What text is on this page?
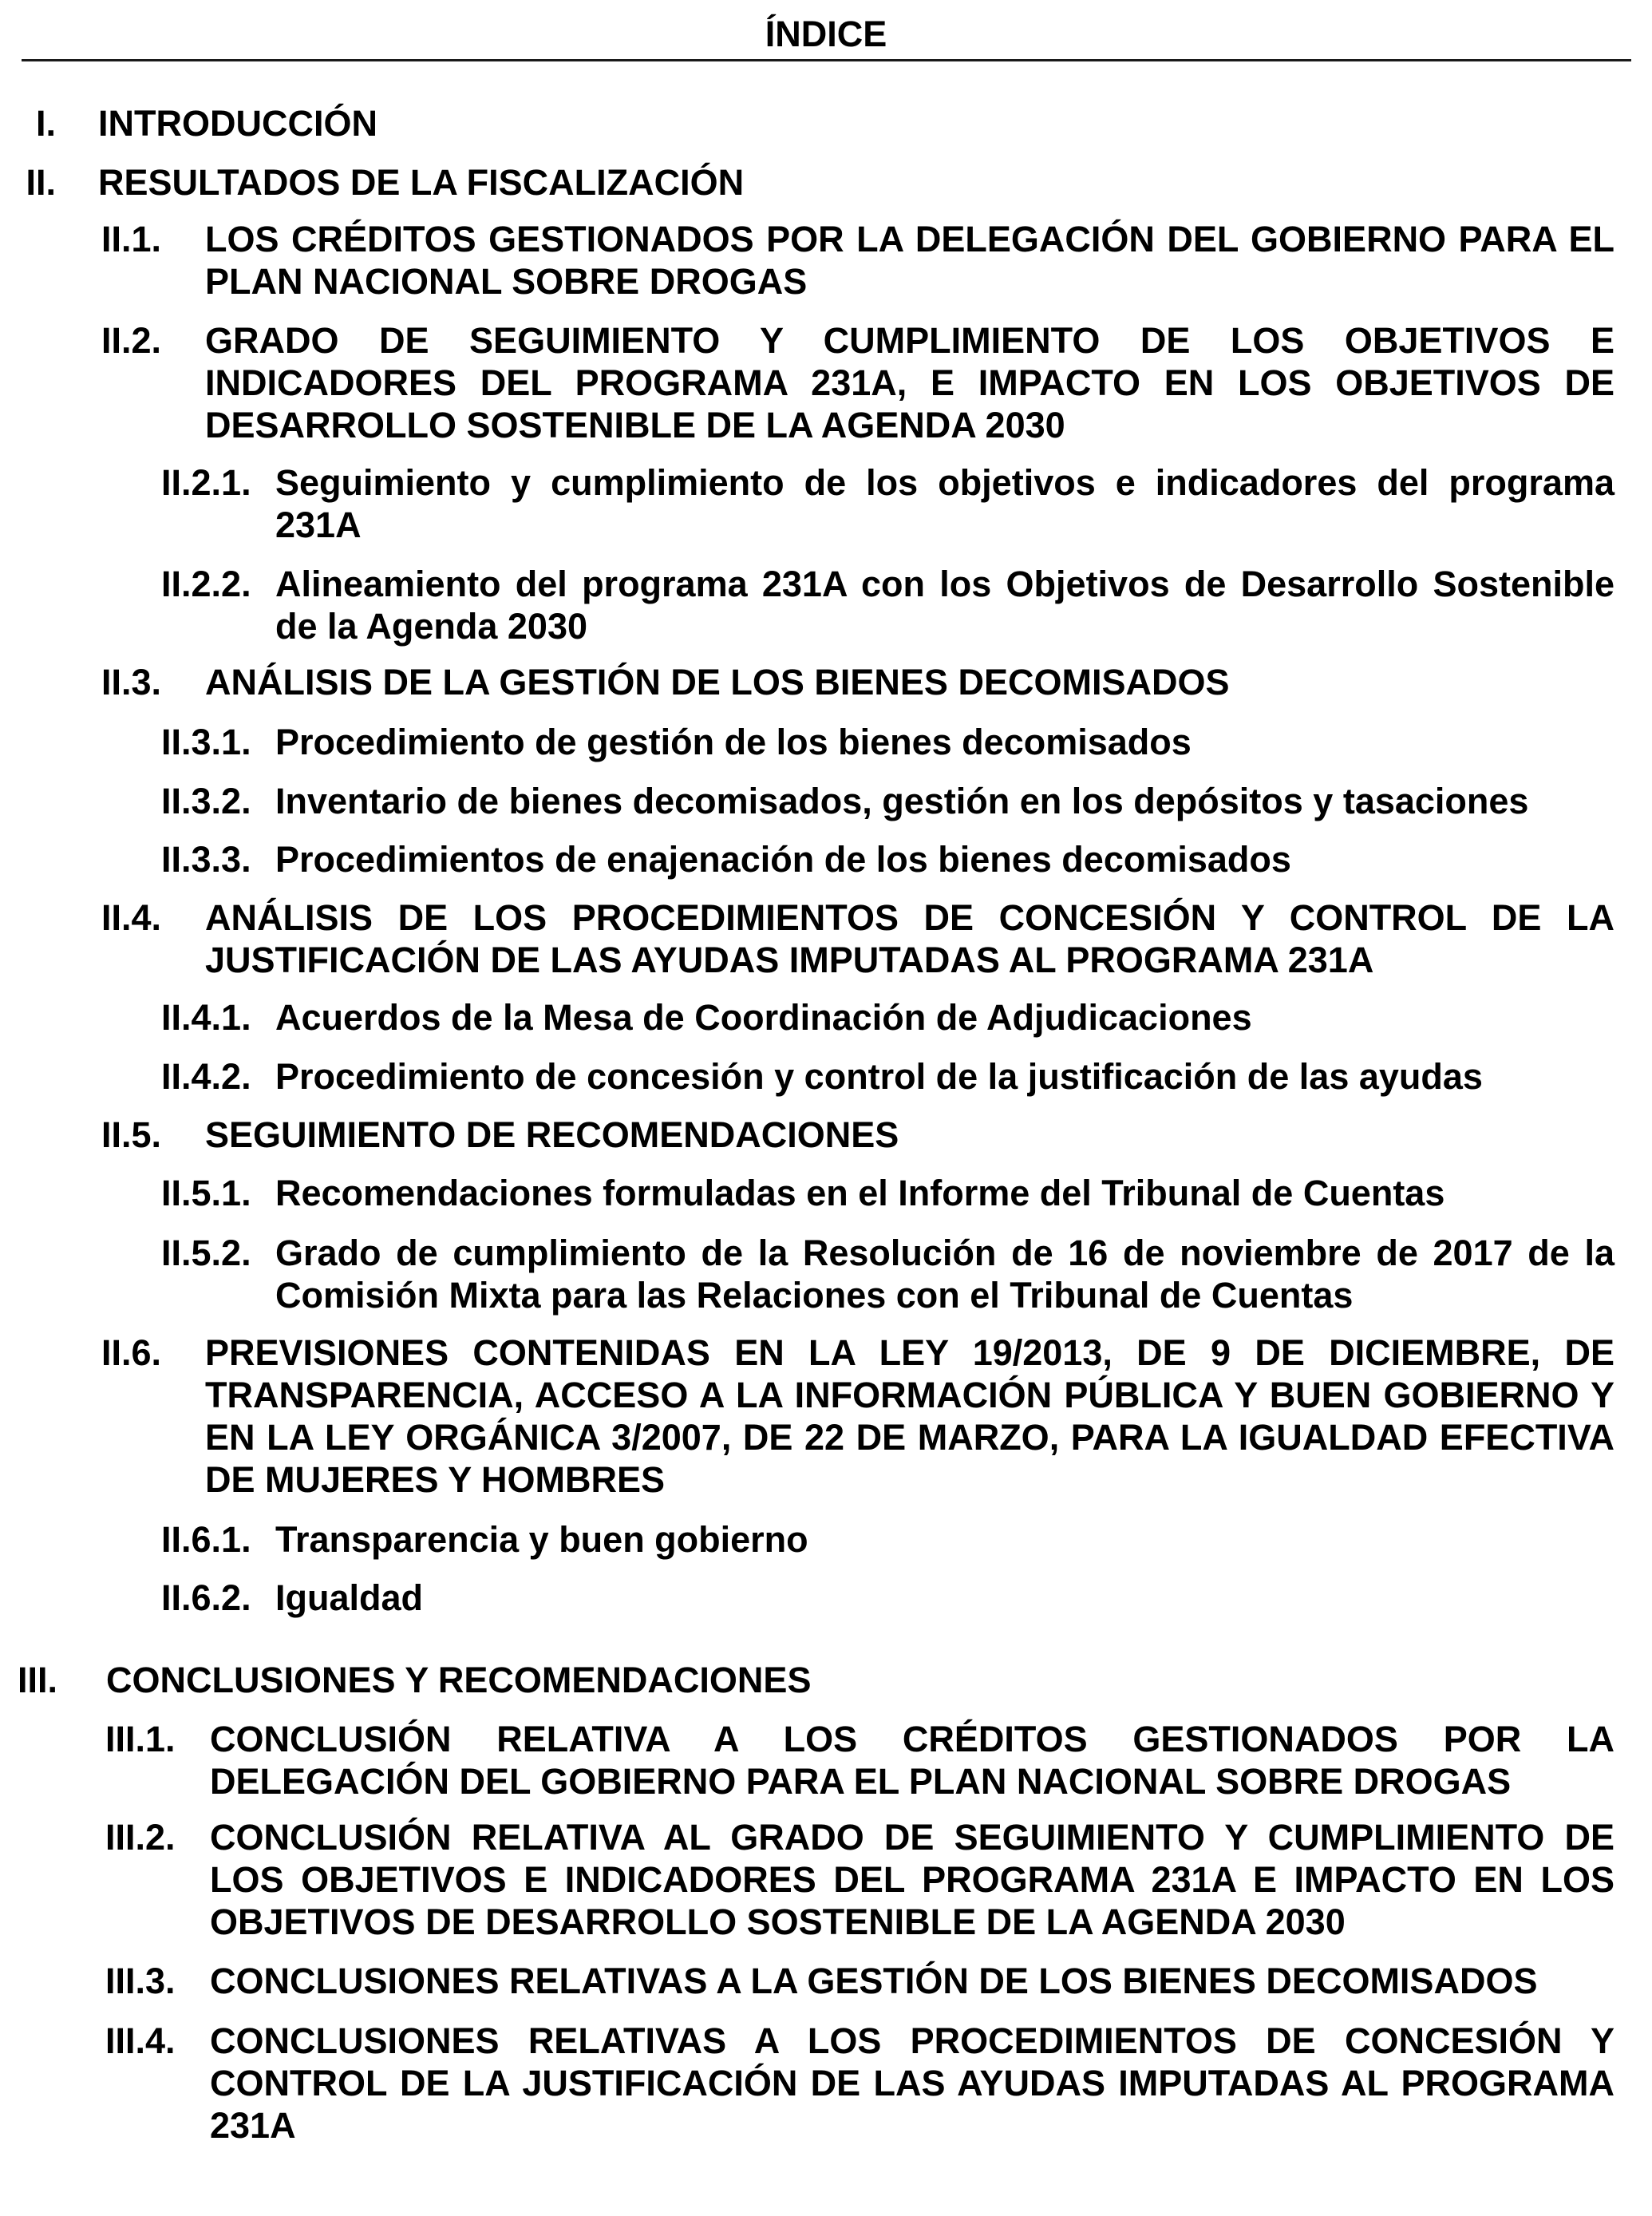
ÍNDICE
I. INTRODUCCIÓN
II. RESULTADOS DE LA FISCALIZACIÓN
II.1. LOS CRÉDITOS GESTIONADOS POR LA DELEGACIÓN DEL GOBIERNO PARA EL PLAN NACIONAL SOBRE DROGAS
II.2. GRADO DE SEGUIMIENTO Y CUMPLIMIENTO DE LOS OBJETIVOS E INDICADORES DEL PROGRAMA 231A, E IMPACTO EN LOS OBJETIVOS DE DESARROLLO SOSTENIBLE DE LA AGENDA 2030
II.2.1. Seguimiento y cumplimiento de los objetivos e indicadores del programa 231A
II.2.2. Alineamiento del programa 231A con los Objetivos de Desarrollo Sostenible de la Agenda 2030
II.3. ANÁLISIS DE LA GESTIÓN DE LOS BIENES DECOMISADOS
II.3.1. Procedimiento de gestión de los bienes decomisados
II.3.2. Inventario de bienes decomisados, gestión en los depósitos y tasaciones
II.3.3. Procedimientos de enajenación de los bienes decomisados
II.4. ANÁLISIS DE LOS PROCEDIMIENTOS DE CONCESIÓN Y CONTROL DE LA JUSTIFICACIÓN DE LAS AYUDAS IMPUTADAS AL PROGRAMA 231A
II.4.1. Acuerdos de la Mesa de Coordinación de Adjudicaciones
II.4.2. Procedimiento de concesión y control de la justificación de las ayudas
II.5. SEGUIMIENTO DE RECOMENDACIONES
II.5.1. Recomendaciones formuladas en el Informe del Tribunal de Cuentas
II.5.2. Grado de cumplimiento de la Resolución de 16 de noviembre de 2017 de la Comisión Mixta para las Relaciones con el Tribunal de Cuentas
II.6. PREVISIONES CONTENIDAS EN LA LEY 19/2013, DE 9 DE DICIEMBRE, DE TRANSPARENCIA, ACCESO A LA INFORMACIÓN PÚBLICA Y BUEN GOBIERNO Y EN LA LEY ORGÁNICA 3/2007, DE 22 DE MARZO, PARA LA IGUALDAD EFECTIVA DE MUJERES Y HOMBRES
II.6.1. Transparencia y buen gobierno
II.6.2. Igualdad
III. CONCLUSIONES Y RECOMENDACIONES
III.1. CONCLUSIÓN RELATIVA A LOS CRÉDITOS GESTIONADOS POR LA DELEGACIÓN DEL GOBIERNO PARA EL PLAN NACIONAL SOBRE DROGAS
III.2. CONCLUSIÓN RELATIVA AL GRADO DE SEGUIMIENTO Y CUMPLIMIENTO DE LOS OBJETIVOS E INDICADORES DEL PROGRAMA 231A E IMPACTO EN LOS OBJETIVOS DE DESARROLLO SOSTENIBLE DE LA AGENDA 2030
III.3. CONCLUSIONES RELATIVAS A LA GESTIÓN DE LOS BIENES DECOMISADOS
III.4. CONCLUSIONES RELATIVAS A LOS PROCEDIMIENTOS DE CONCESIÓN Y CONTROL DE LA JUSTIFICACIÓN DE LAS AYUDAS IMPUTADAS AL PROGRAMA 231A
